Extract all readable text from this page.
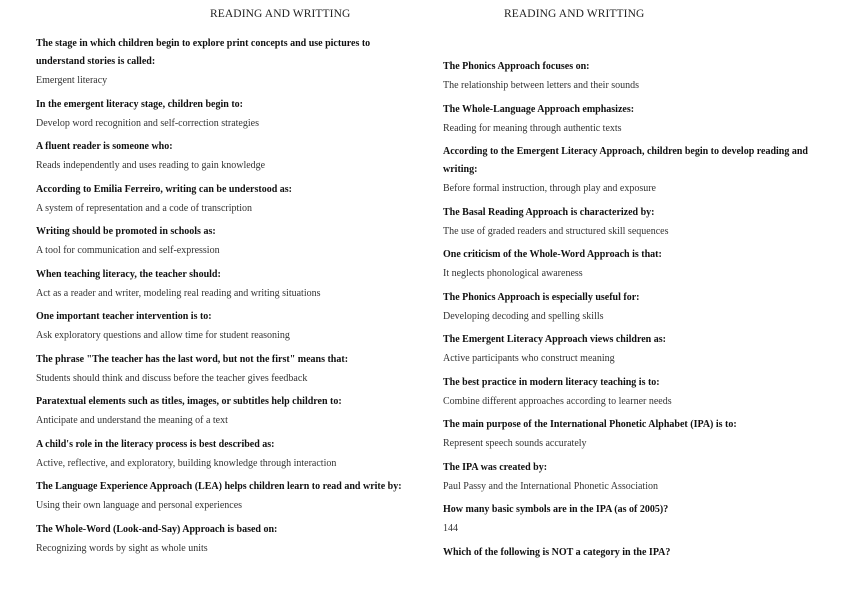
READING AND WRITTING

The stage in which children begin to explore print concepts and use pictures to understand stories is called:

Emergent literacy

In the emergent literacy stage, children begin to:

Develop word recognition and self-correction strategies

A fluent reader is someone who:

Reads independently and uses reading to gain knowledge

According to Emilia Ferreiro, writing can be understood as:

A system of representation and a code of transcription

Writing should be promoted in schools as:

A tool for communication and self-expression

When teaching literacy, the teacher should:

Act as a reader and writer, modeling real reading and writing situations

One important teacher intervention is to:

Ask exploratory questions and allow time for student reasoning

The phrase "The teacher has the last word, but not the first" means that:

Students should think and discuss before the teacher gives feedback

Paratextual elements such as titles, images, or subtitles help children to:

Anticipate and understand the meaning of a text

A child's role in the literacy process is best described as:

Active, reflective, and exploratory, building knowledge through interaction

The Language Experience Approach (LEA) helps children learn to read and write by:

Using their own language and personal experiences

The Whole-Word (Look-and-Say) Approach is based on:

Recognizing words by sight as whole units

READING AND WRITTING

The Phonics Approach focuses on:

The relationship between letters and their sounds

The Whole-Language Approach emphasizes:

Reading for meaning through authentic texts

According to the Emergent Literacy Approach, children begin to develop reading and writing:

Before formal instruction, through play and exposure

The Basal Reading Approach is characterized by:

The use of graded readers and structured skill sequences

One criticism of the Whole-Word Approach is that:

It neglects phonological awareness

The Phonics Approach is especially useful for:

Developing decoding and spelling skills

The Emergent Literacy Approach views children as:

Active participants who construct meaning

The best practice in modern literacy teaching is to:

Combine different approaches according to learner needs

The main purpose of the International Phonetic Alphabet (IPA) is to:

Represent speech sounds accurately

The IPA was created by:

Paul Passy and the International Phonetic Association

How many basic symbols are in the IPA (as of 2005)?

144

Which of the following is NOT a category in the IPA?
